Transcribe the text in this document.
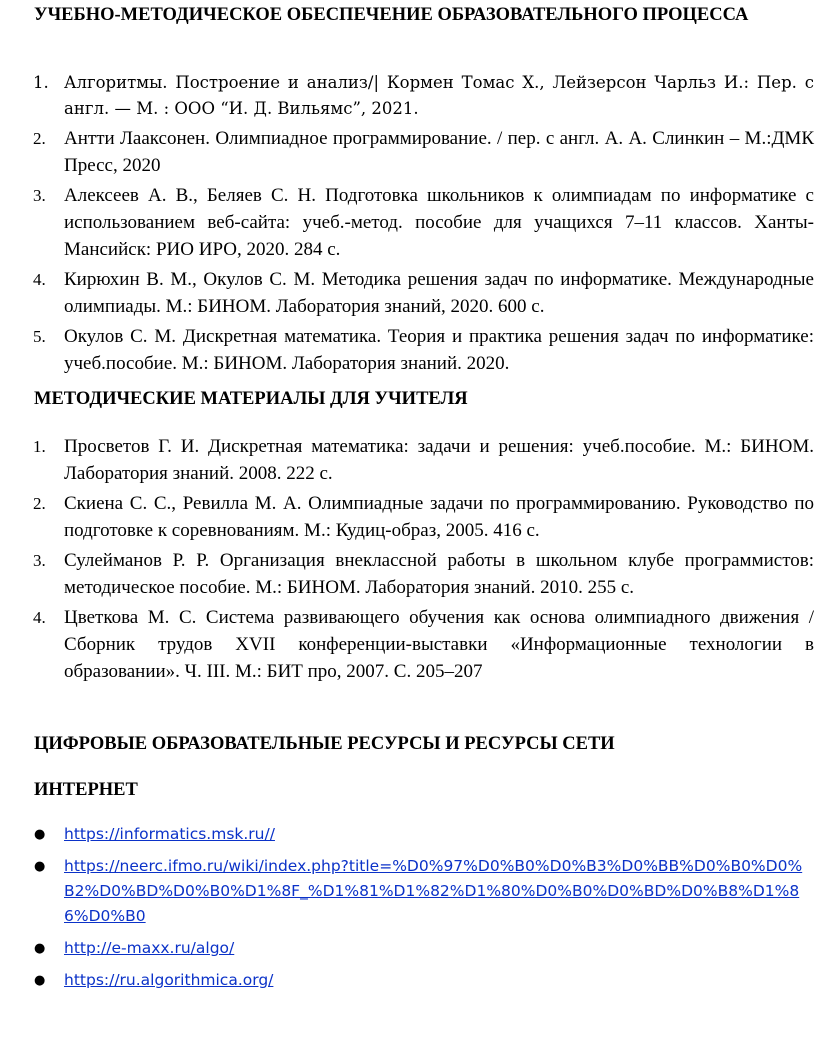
УЧЕБНО-МЕТОДИЧЕСКОЕ ОБЕСПЕЧЕНИЕ ОБРАЗОВАТЕЛЬНОГО ПРОЦЕССА
1. Алгоритмы. Построение и анализ/| Кормен Томас Х., Лейзерсон Чарльз И.: Пер. с англ. — М. : ООО “И. Д. Вильямс”, 2021.
2. Антти Лааксонен. Олимпиадное программирование. / пер. с англ. А. А. Слинкин – М.:ДМК Пресс, 2020
3. Алексеев А. В., Беляев С. Н. Подготовка школьников к олимпиадам по информатике с использованием веб-сайта: учеб.-метод. пособие для учащихся 7–11 классов. Ханты-Мансийск: РИО ИРО, 2020. 284 с.
4. Кирюхин В. М., Окулов С. М. Методика решения задач по информатике. Международные олимпиады. М.: БИНОМ. Лаборатория знаний, 2020. 600 с.
5. Окулов С. М. Дискретная математика. Теория и практика решения задач по информатике: учеб.пособие. М.: БИНОМ. Лаборатория знаний. 2020.
МЕТОДИЧЕСКИЕ МАТЕРИАЛЫ ДЛЯ УЧИТЕЛЯ
1. Просветов Г. И. Дискретная математика: задачи и решения: учеб.пособие. М.: БИНОМ. Лаборатория знаний. 2008. 222 с.
2. Скиена С. С., Ревилла М. А. Олимпиадные задачи по программированию. Руководство по подготовке к соревнованиям. М.: Кудиц-образ, 2005. 416 с.
3. Сулейманов Р. Р. Организация внеклассной работы в школьном клубе программистов: методическое пособие. М.: БИНОМ. Лаборатория знаний. 2010. 255 с.
4. Цветкова М. С. Система развивающего обучения как основа олимпиадного движения / Сборник трудов XVII конференции-выставки «Информационные технологии в образовании». Ч. III. М.: БИТ про, 2007. С. 205–207
ЦИФРОВЫЕ ОБРАЗОВАТЕЛЬНЫЕ РЕСУРСЫ И РЕСУРСЫ СЕТИ
ИНТЕРНЕТ
● https://informatics.msk.ru//
● https://neerc.ifmo.ru/wiki/index.php?title=%D0%97%D0%B0%D0%B3%D0%BB%D0%B0%D0%B2%D0%BD%D0%B0%D1%8F_%D1%81%D1%82%D1%80%D0%B0%D0%BD%D0%B8%D1%86%D0%B0
● http://e-maxx.ru/algo/
● https://ru.algorithmica.org/
